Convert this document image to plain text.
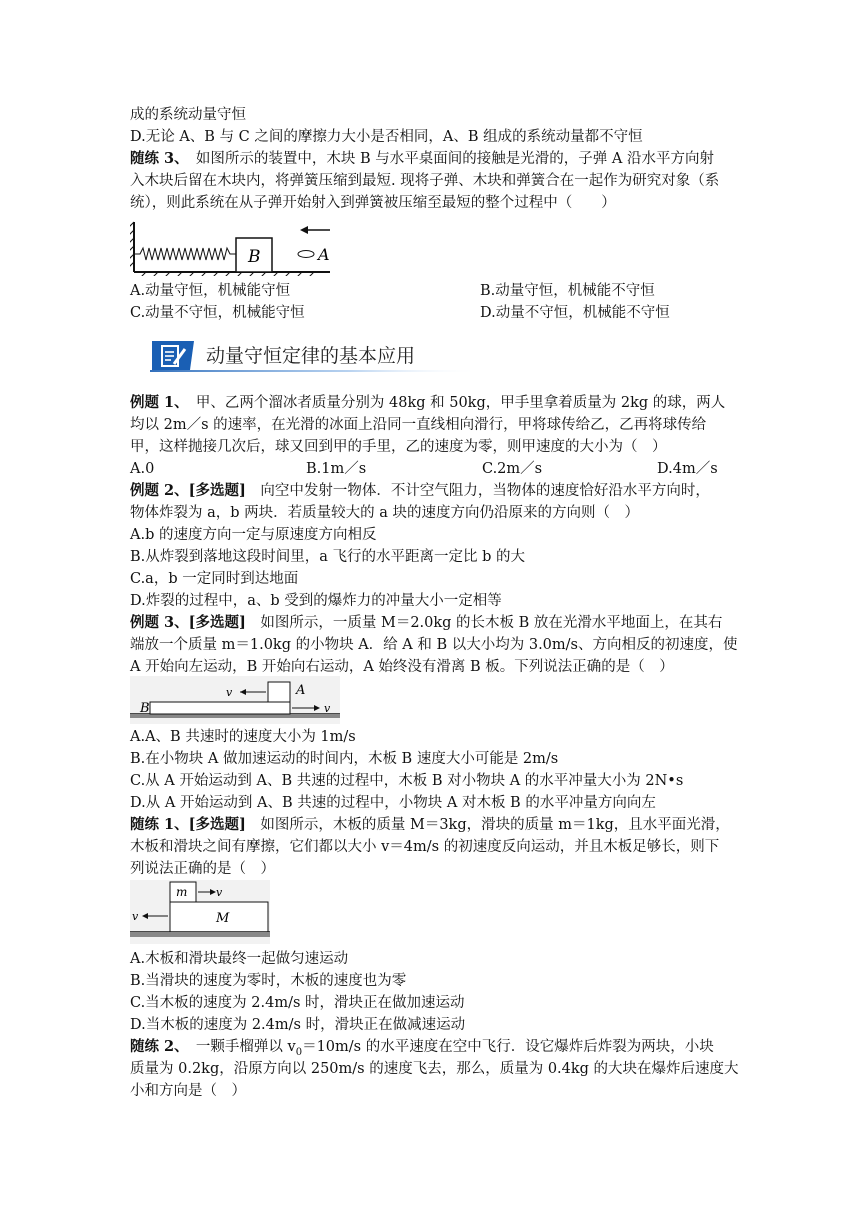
成的系统动量守恒
D.无论 A、B 与 C 之间的摩擦力大小是否相同，A、B 组成的系统动量都不守恒
随练 3、　如图所示的装置中，木块 B 与水平桌面间的接触是光滑的，子弹 A 沿水平方向射
入木块后留在木块内，将弹簧压缩到最短. 现将子弹、木块和弹簧合在一起作为研究对象（系
统），则此系统在从子弹开始射入到弹簧被压缩至最短的整个过程中（　　）
B	A
A.动量守恒，机械能守恒	B.动量守恒，机械能不守恒
C.动量不守恒，机械能守恒	D.动量不守恒，机械能不守恒
动量守恒定律的基本应用
例题 1、　甲、乙两个溜冰者质量分别为 48kg 和 50kg，甲手里拿着质量为 2kg 的球，两人
均以 2m／s 的速率，在光滑的冰面上沿同一直线相向滑行，甲将球传给乙，乙再将球传给
甲，这样抛接几次后，球又回到甲的手里，乙的速度为零，则甲速度的大小为（　）
A.0	B.1m／s	C.2m／s	D.4m／s
例题 2、[多选题]　向空中发射一物体．不计空气阻力，当物体的速度恰好沿水平方向时，
物体炸裂为 a，b 两块．若质量较大的 a 块的速度方向仍沿原来的方向则（　）
A.b 的速度方向一定与原速度方向相反
B.从炸裂到落地这段时间里，a 飞行的水平距离一定比 b 的大
C.a，b 一定同时到达地面
D.炸裂的过程中，a、b 受到的爆炸力的冲量大小一定相等
例题 3、[多选题]　如图所示，一质量 M＝2.0kg 的长木板 B 放在光滑水平地面上，在其右
端放一个质量 m＝1.0kg 的小物块 A．给 A 和 B 以大小均为 3.0m/s、方向相反的初速度，使
A 开始向左运动，B 开始向右运动，A 始终没有滑离 B 板。下列说法正确的是（　）
B
A
v
v
A.A、B 共速时的速度大小为 1m/s
B.在小物块 A 做加速运动的时间内，木板 B 速度大小可能是 2m/s
C.从 A 开始运动到 A、B 共速的过程中，木板 B 对小物块 A 的水平冲量大小为 2N•s
D.从 A 开始运动到 A、B 共速的过程中，小物块 A 对木板 B 的水平冲量方向向左
随练 1、[多选题]　如图所示，木板的质量 M＝3kg，滑块的质量 m＝1kg，且水平面光滑，
木板和滑块之间有摩擦，它们都以大小 v＝4m/s 的初速度反向运动，并且木板足够长，则下
列说法正确的是（　）
m	v
M
v
A.木板和滑块最终一起做匀速运动
B.当滑块的速度为零时，木板的速度也为零
C.当木板的速度为 2.4m/s 时，滑块正在做加速运动
D.当木板的速度为 2.4m/s 时，滑块正在做减速运动
随练 2、　一颗手榴弹以 $v_0=10m/s$ 的水平速度在空中飞行．设它爆炸后炸裂为两块，小块
质量为 0.2kg，沿原方向以 250m/s 的速度飞去，那么，质量为 0.4kg 的大块在爆炸后速度大
小和方向是（　）
